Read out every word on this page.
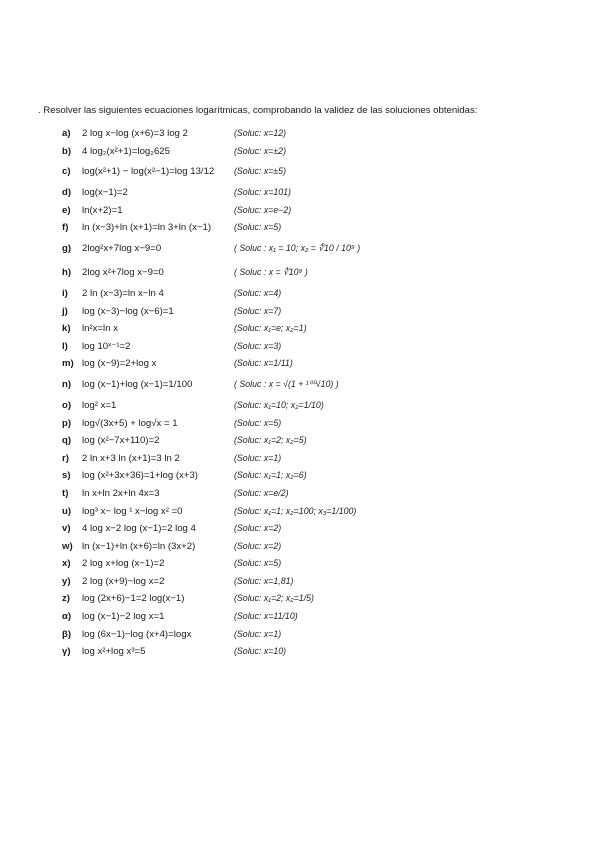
. Resolver las siguientes ecuaciones logarítmicas, comprobando la validez de las soluciones obtenidas:
a)	2 log x−log (x+6)=3 log 2	(Soluc: x=12)
b)	4 log₂(x²+1)=log₂625	(Soluc: x=±2)
c)	log(x²+1) − log(x²−1)=log 13/12 (Soluc: x=±5)
d)	log(x−1)=2	(Soluc: x=101)
e)	ln(x+2)=1	(Soluc: x=e−2)
f)	ln (x−3)+ln (x+1)=ln 3+ln (x−1)	(Soluc: x=5)
g)	2log²x+7log x−9=0	( Soluc : x₁ = 10; x₂ = ∜10 / 10⁹ )
h)	2log x²+7log x−9=0	( Soluc : x = ∜10⁹ )
i)	2 ln (x−3)=ln x−ln 4	(Soluc: x=4)
j)	log (x−3)−log (x−6)=1	(Soluc: x=7)
k)	ln²x=ln x	(Soluc: x₁=e; x₂=1)
l)	log 10ˣ⁻¹=2	(Soluc: x=3)
m) log (x−9)=2+log x	(Soluc: x=1/11)
n)	log (x−1)+log (x−1)=1/100	( Soluc : x = √(1 + ¹⁰⁰√10) )
o)	log² x=1	(Soluc: x₁=10; x₂=1/10)
p)	log√(3x+5) + log√x = 1	(Soluc: x=5)
q)	log (x²−7x+110)=2	(Soluc: x₁=2; x₂=5)
r)	2 ln x+3 ln (x+1)=3 ln 2	(Soluc: x=1)
s)	log (x²+3x+36)=1+log (x+3)	(Soluc: x₁=1; x₂=6)
t)	ln x+ln 2x+ln 4x=3	(Soluc: x=e/2)
u)	log³ x− log ¹ x−log x² =0	(Soluc: x₁=1; x₂=100; x₃=1/100)
v)	4 log x−2 log (x−1)=2 log 4	(Soluc: x=2)
w) ln (x−1)+ln (x+6)=ln (3x+2)	(Soluc: x=2)
x)	2 log x+log (x−1)=2	(Soluc: x=5)
y)	2 log (x+9)−log x=2	(Soluc: x=1,81)
z)	log (2x+6)−1=2 log(x−1)	(Soluc: x₁=2; x₂=1/5)
α)	log (x−1)−2 log x=1	(Soluc: x=11/10)
β)	log (6x−1)−log (x+4)=logx	(Soluc: x=1)
γ)	log x²+log x³=5	(Soluc: x=10)
